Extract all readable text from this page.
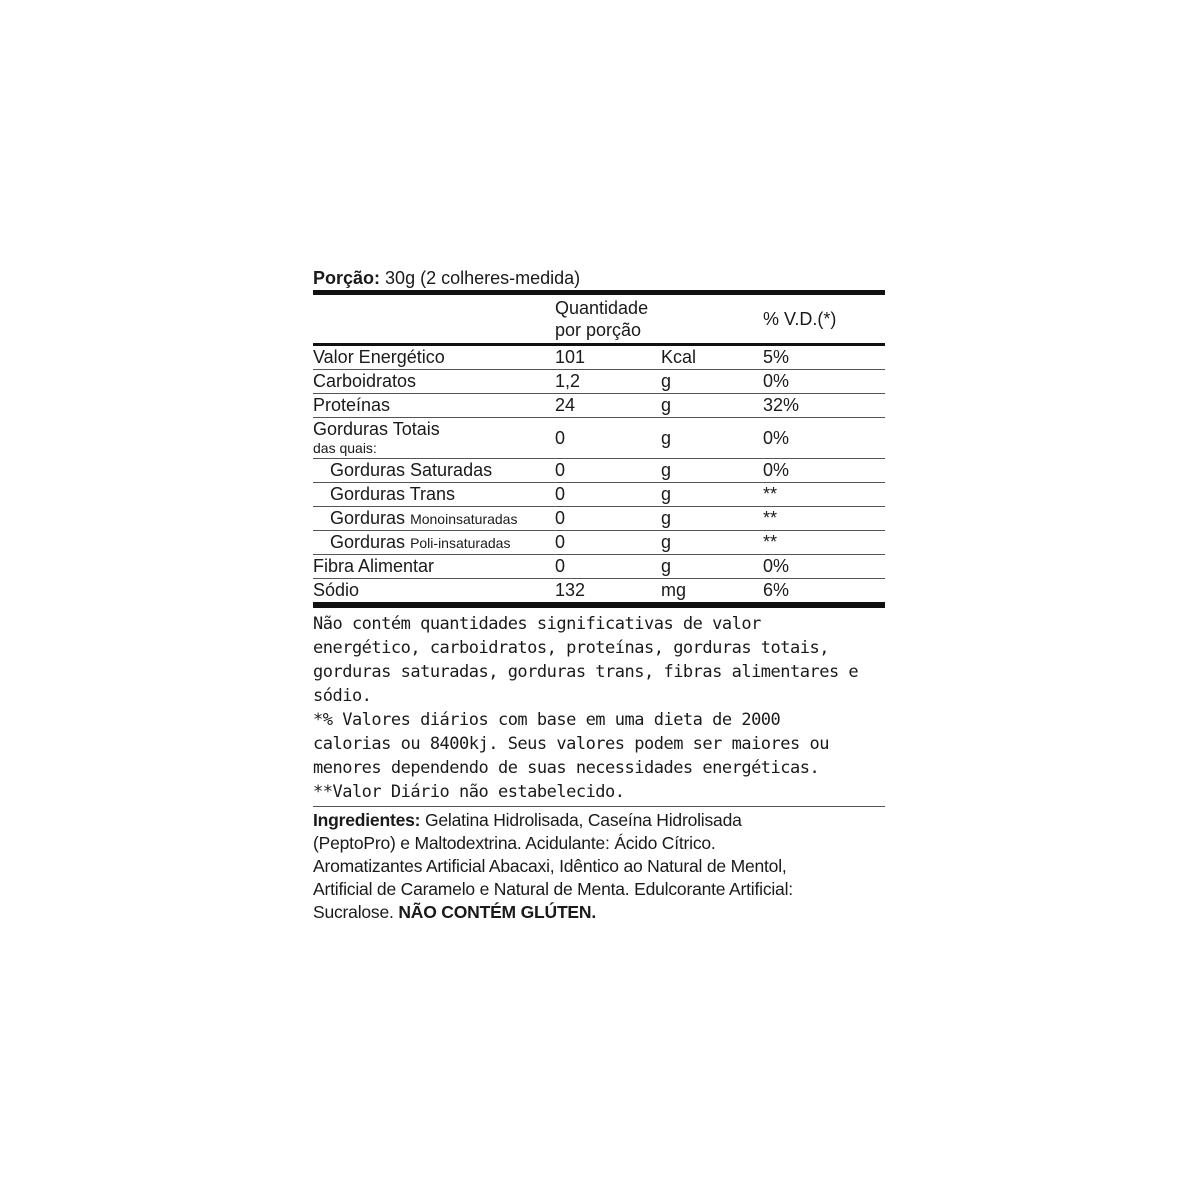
Porção: 30g (2 colheres-medida)
Quantidade
por porção
% V.D.(*)
Valor Energético	101	Kcal	5%
Carboidratos	1,2	g	0%
Proteínas	24	g	32%
Gorduras Totais
das quais:	0	g	0%
Gorduras Saturadas	0	g	0%
Gorduras Trans	0	g	**
Gorduras Monoinsaturadas 0	g	**
Gorduras Poli-insaturadas 0	g	**
Fibra Alimentar	0	g	0%
Sódio	132	mg	6%

Não contém quantidades significativas de valor

energético, carboidratos, proteínas, gorduras totais,

gorduras saturadas, gorduras trans, fibras alimentares e

sódio.

*% Valores diários com base em uma dieta de 2000

calorias ou 8400kj. Seus valores podem ser maiores ou

menores dependendo de suas necessidades energéticas.

**Valor Diário não estabelecido.

Ingredientes: Gelatina Hidrolisada, Caseína Hidrolisada
(PeptoPro) e Maltodextrina. Acidulante: Ácido Cítrico.
Aromatizantes Artificial Abacaxi, Idêntico ao Natural de Mentol,
Artificial de Caramelo e Natural de Menta. Edulcorante Artificial:
Sucralose. NÃO CONTÉM GLÚTEN.
